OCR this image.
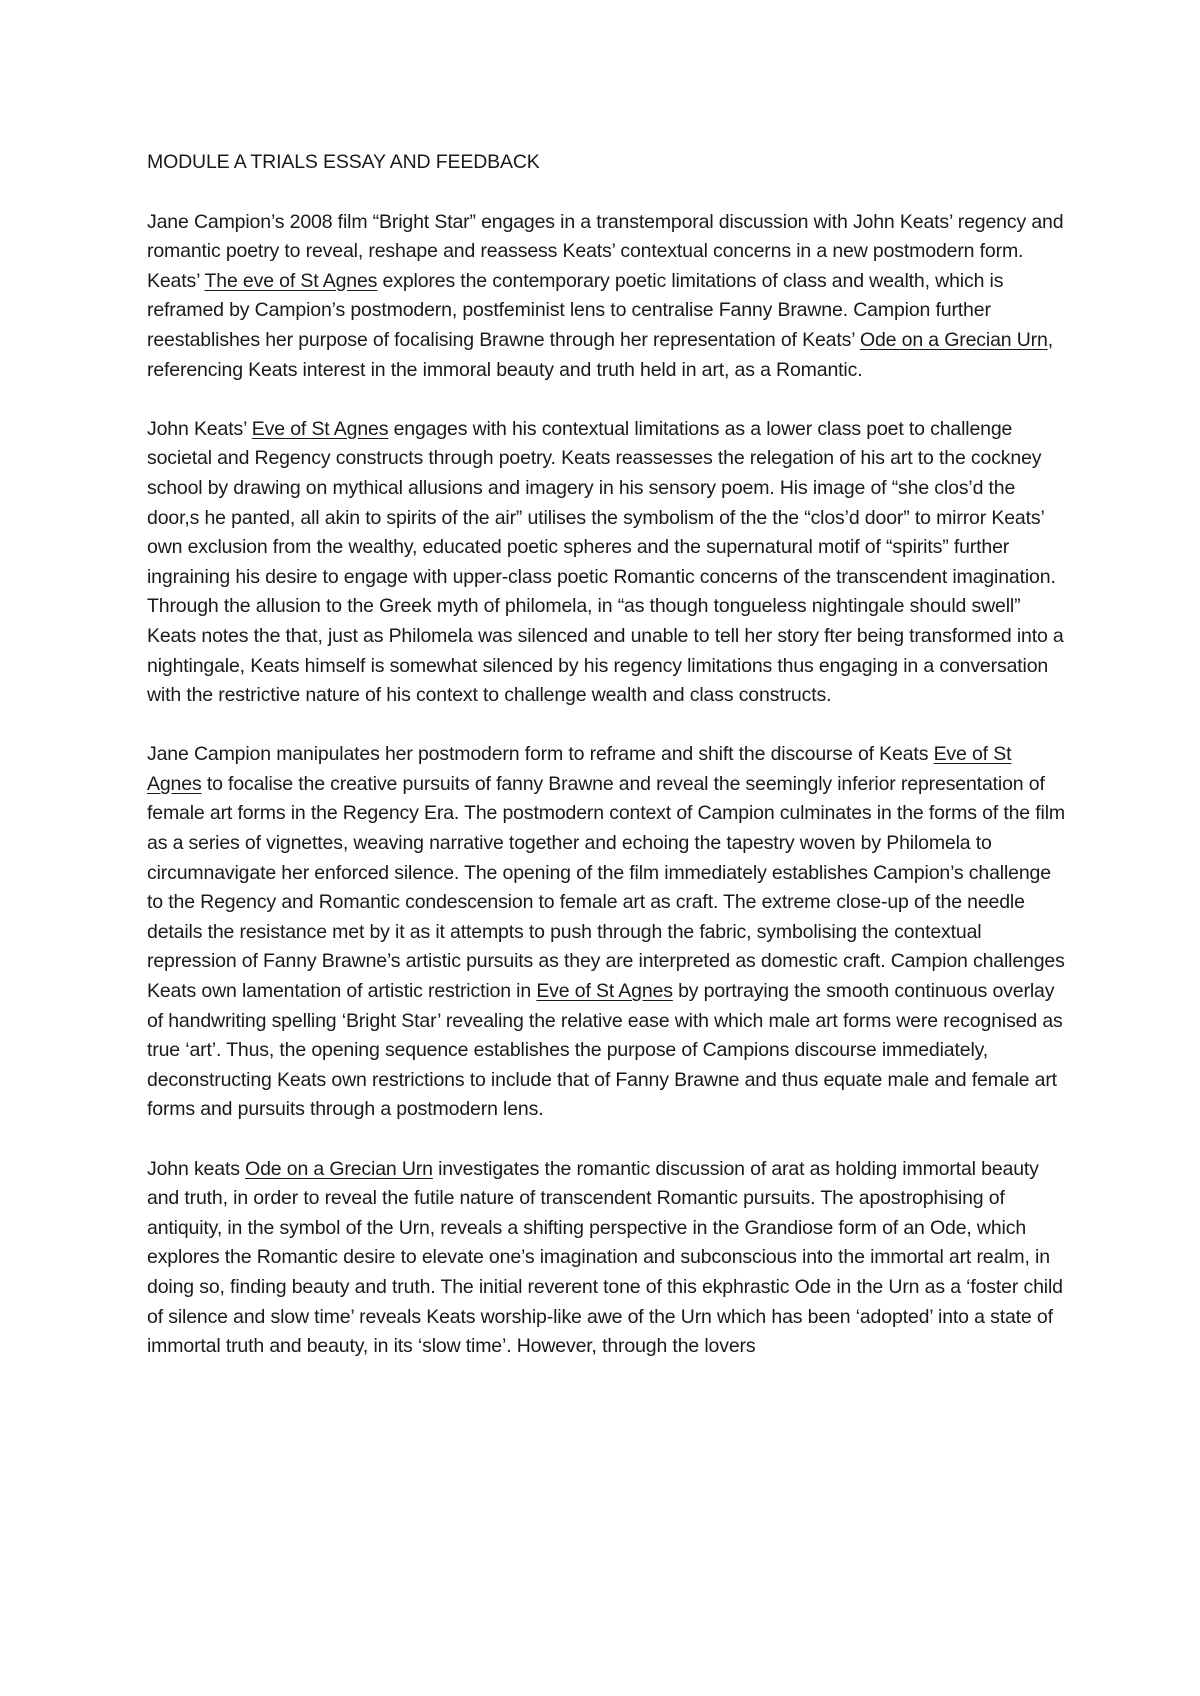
MODULE A TRIALS ESSAY AND FEEDBACK

Jane Campion’s 2008 film “Bright Star” engages in a transtemporal discussion with John Keats’ regency and romantic poetry to reveal, reshape and reassess Keats’ contextual concerns in a new postmodern form. Keats’ The eve of St Agnes explores the contemporary poetic limitations of class and wealth, which is reframed by Campion’s postmodern, postfeminist lens to centralise Fanny Brawne. Campion further reestablishes her purpose of focalising Brawne through her representation of Keats’ Ode on a Grecian Urn, referencing Keats interest in the immoral beauty and truth held in art, as a Romantic.

John Keats’ Eve of St Agnes engages with his contextual limitations as a lower class poet to challenge societal and Regency constructs through poetry. Keats reassesses the relegation of his art to the cockney school by drawing on mythical allusions and imagery in his sensory poem. His image of “she clos’d the door,s he panted, all akin to spirits of the air” utilises the symbolism of the the “clos’d door” to mirror Keats’ own exclusion from the wealthy, educated poetic spheres and the supernatural motif of “spirits” further ingraining his desire to engage with upper-class poetic Romantic concerns of the transcendent imagination. Through the allusion to the Greek myth of philomela, in “as though tongueless nightingale should swell” Keats notes the that, just as Philomela was silenced and unable to tell her story fter being transformed into a nightingale, Keats himself is somewhat silenced by his regency limitations thus engaging in a conversation with the restrictive nature of his context to challenge wealth and class constructs.

Jane Campion manipulates her postmodern form to reframe and shift the discourse of Keats Eve of St Agnes to focalise the creative pursuits of fanny Brawne and reveal the seemingly inferior representation of female art forms in the Regency Era. The postmodern context of Campion culminates in the forms of the film as a series of vignettes, weaving narrative together and echoing the tapestry woven by Philomela to circumnavigate her enforced silence. The opening of the film immediately establishes Campion’s challenge to the Regency and Romantic condescension to female art as craft. The extreme close-up of the needle details the resistance met by it as it attempts to push through the fabric, symbolising the contextual repression of Fanny Brawne’s artistic pursuits as they are interpreted as domestic craft. Campion challenges Keats own lamentation of artistic restriction in Eve of St Agnes by portraying the smooth continuous overlay of handwriting spelling ‘Bright Star’ revealing the relative ease with which male art forms were recognised as true ‘art’. Thus, the opening sequence establishes the purpose of Campions discourse immediately, deconstructing Keats own restrictions to include that of Fanny Brawne and thus equate male and female art forms and pursuits through a postmodern lens.

John keats Ode on a Grecian Urn investigates the romantic discussion of arat as holding immortal beauty and truth, in order to reveal the futile nature of transcendent Romantic pursuits. The apostrophising of antiquity, in the symbol of the Urn, reveals a shifting perspective in the Grandiose form of an Ode, which explores the Romantic desire to elevate one’s imagination and subconscious into the immortal art realm, in doing so, finding beauty and truth. The initial reverent tone of this ekphrastic Ode in the Urn as a ‘foster child of silence and slow time’ reveals Keats worship-like awe of the Urn which has been ‘adopted’ into a state of immortal truth and beauty, in its ‘slow time’. However, through the lovers
